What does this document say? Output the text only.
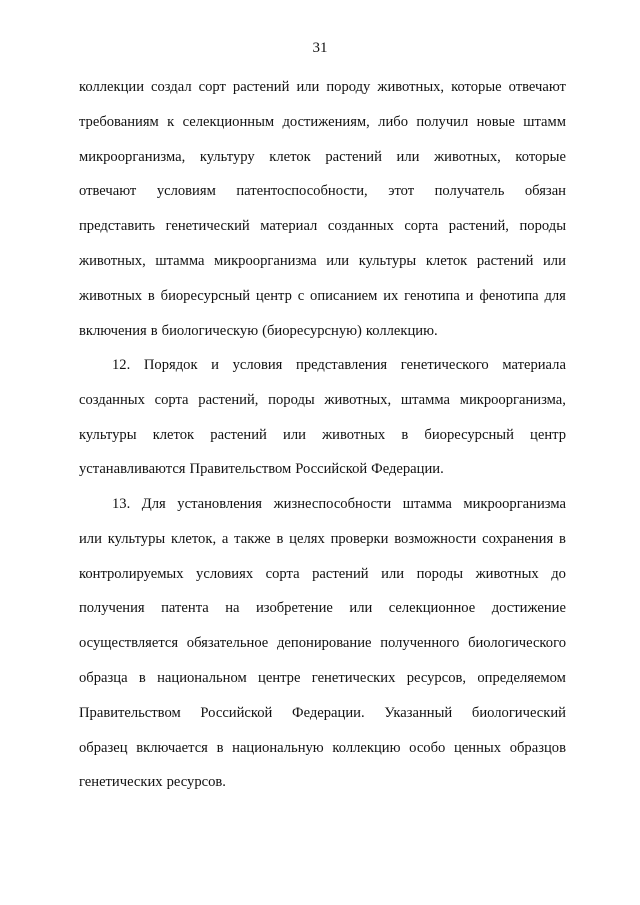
31
коллекции создал сорт растений или породу животных, которые отвечают
требованиям к селекционным достижениям, либо получил новые штамм
микроорганизма, культуру клеток растений или животных, которые
отвечают условиям патентоспособности, этот получатель обязан
представить генетический материал созданных сорта растений, породы
животных, штамма микроорганизма или культуры клеток растений или
животных в биоресурсный центр с описанием их генотипа и фенотипа для
включения в биологическую (биоресурсную) коллекцию.
12. Порядок и условия представления генетического материала
созданных сорта растений, породы животных, штамма микроорганизма,
культуры клеток растений или животных в биоресурсный центр
устанавливаются Правительством Российской Федерации.
13. Для установления жизнеспособности штамма микроорганизма
или культуры клеток, а также в целях проверки возможности сохранения в
контролируемых условиях сорта растений или породы животных до
получения патента на изобретение или селекционное достижение
осуществляется обязательное депонирование полученного биологического
образца в национальном центре генетических ресурсов, определяемом
Правительством Российской Федерации. Указанный биологический
образец включается в национальную коллекцию особо ценных образцов
генетических ресурсов.
